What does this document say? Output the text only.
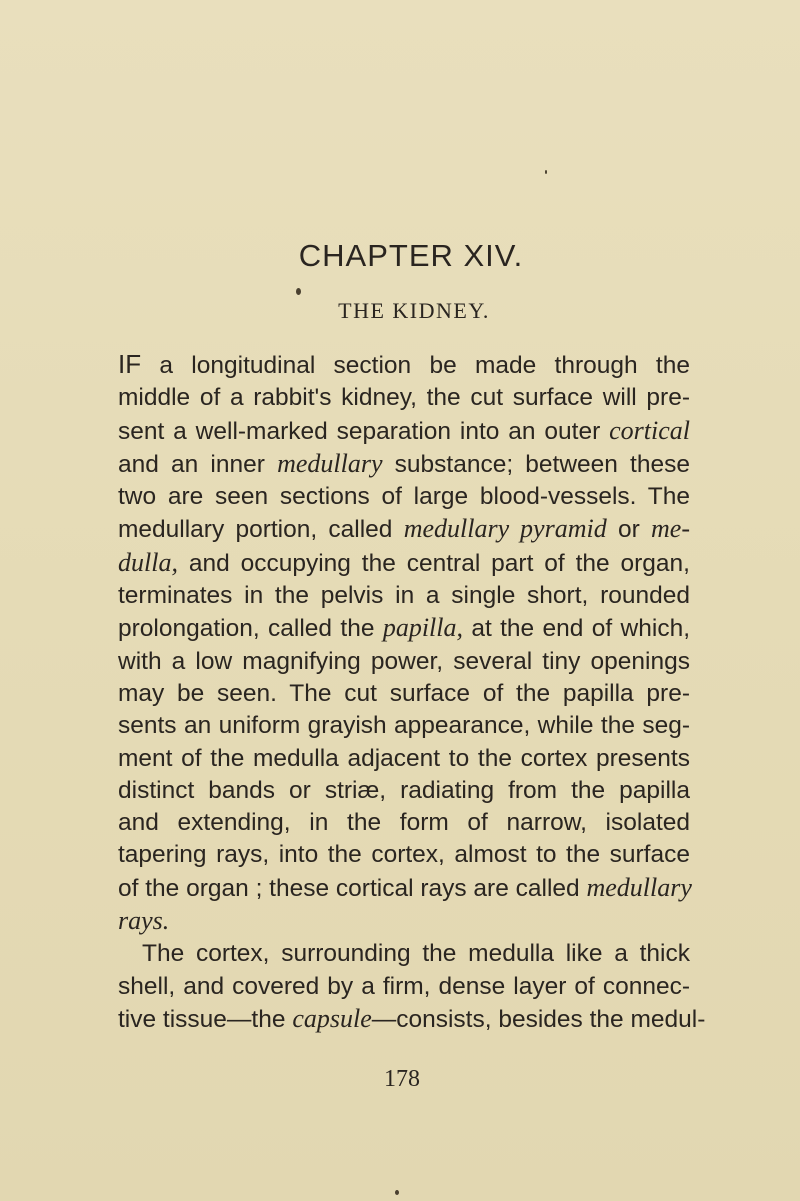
CHAPTER XIV.
THE KIDNEY.
IF a longitudinal section be made through the
middle of a rabbit's kidney, the cut surface will pre-
sent a well-marked separation into an outer cortical
and an inner medullary substance; between these
two are seen sections of large blood-vessels. The
medullary portion, called medullary pyramid or me-
dulla, and occupying the central part of the organ,
terminates in the pelvis in a single short, rounded
prolongation, called the papilla, at the end of which,
with a low magnifying power, several tiny openings
may be seen. The cut surface of the papilla pre-
sents an uniform grayish appearance, while the seg-
ment of the medulla adjacent to the cortex presents
distinct bands or striæ, radiating from the papilla
and extending, in the form of narrow, isolated
tapering rays, into the cortex, almost to the surface
of the organ ; these cortical rays are called medullary
rays.
The cortex, surrounding the medulla like a thick
shell, and covered by a firm, dense layer of connec-
tive tissue—the capsule—consists, besides the medul-
178
